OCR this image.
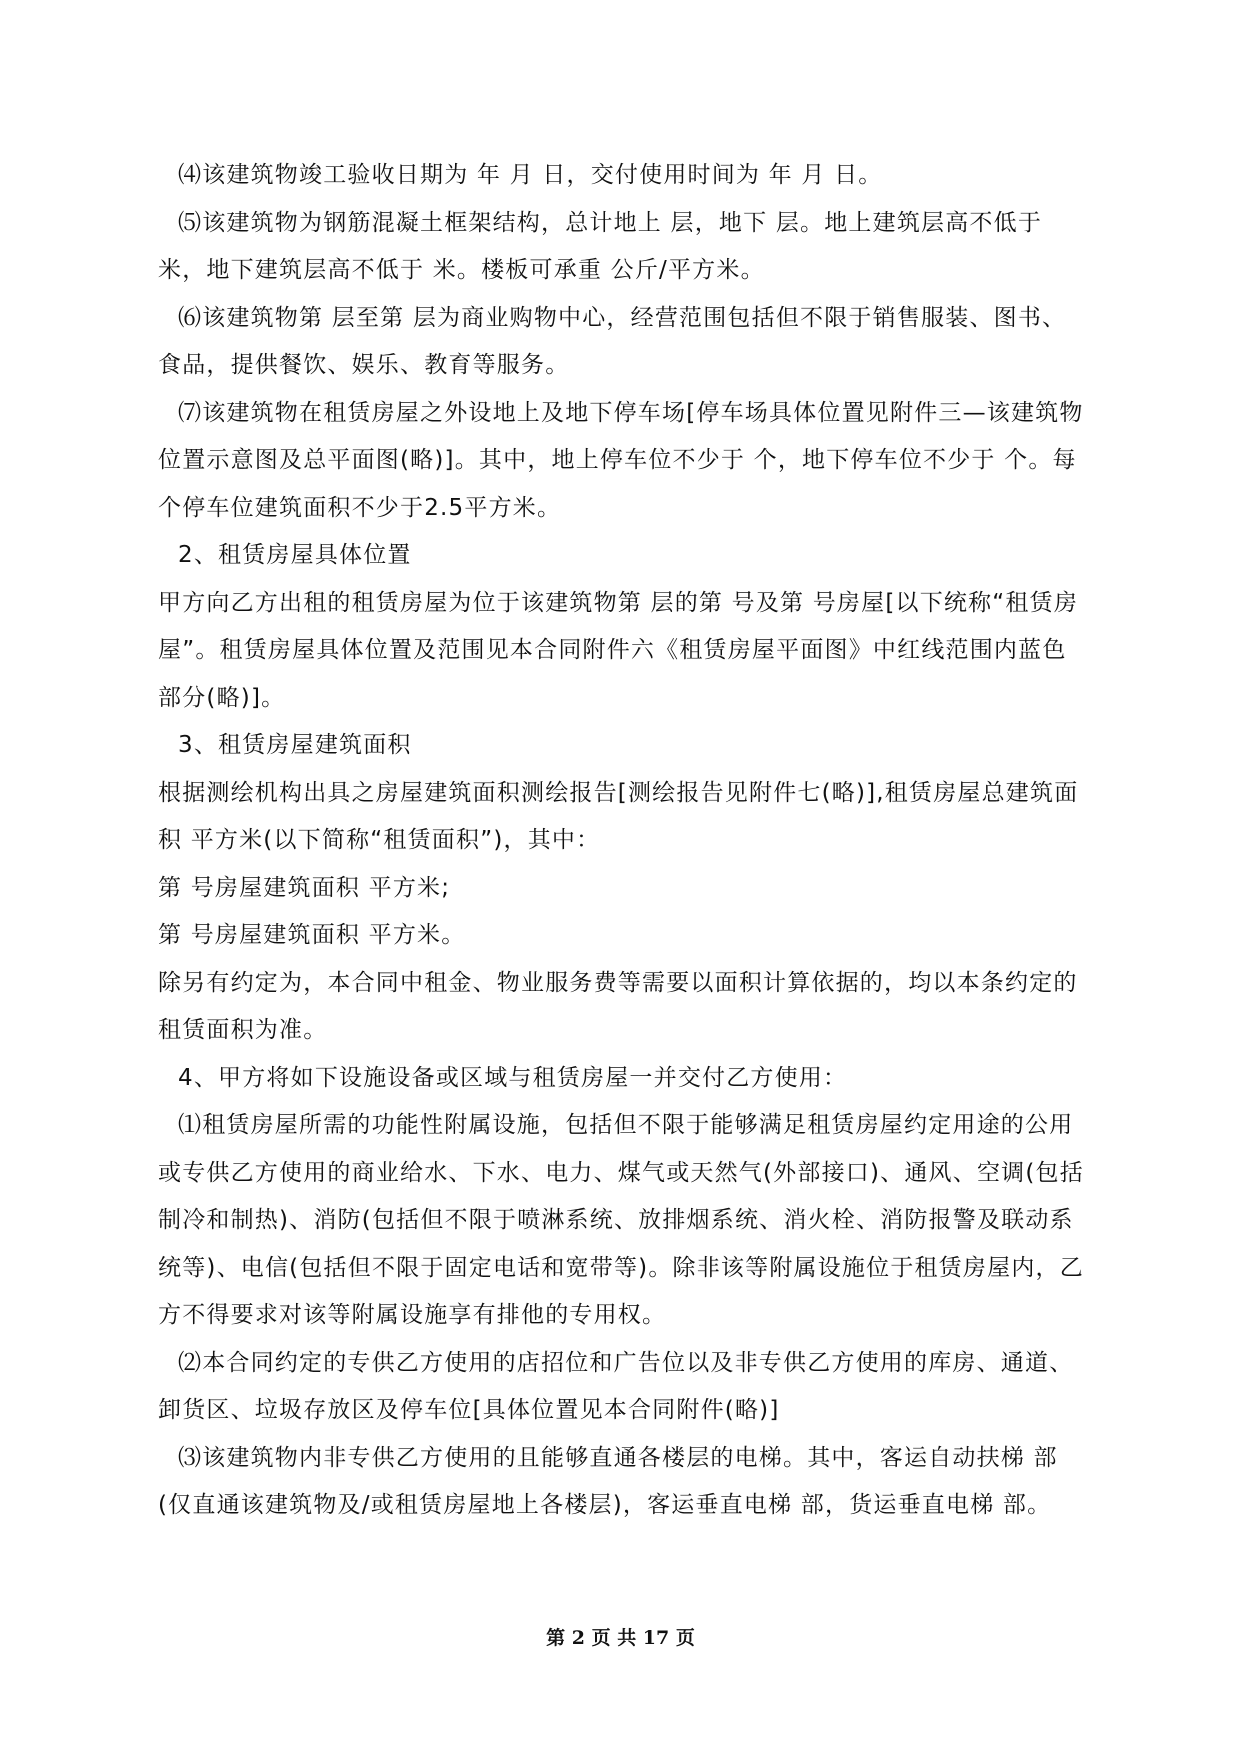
⑷该建筑物竣工验收日期为 年 月 日，交付使用时间为 年 月 日。

⑸该建筑物为钢筋混凝土框架结构，总计地上 层，地下 层。地上建筑层高不低于 米，地下建筑层高不低于 米。楼板可承重 公斤/平方米。

⑹该建筑物第 层至第 层为商业购物中心，经营范围包括但不限于销售服装、图书、食品，提供餐饮、娱乐、教育等服务。

⑺该建筑物在租赁房屋之外设地上及地下停车场[停车场具体位置见附件三—该建筑物位置示意图及总平面图(略)]。其中，地上停车位不少于 个，地下停车位不少于 个。每个停车位建筑面积不少于2.5平方米。

2、租赁房屋具体位置

甲方向乙方出租的租赁房屋为位于该建筑物第 层的第 号及第 号房屋[以下统称“租赁房屋”。租赁房屋具体位置及范围见本合同附件六《租赁房屋平面图》中红线范围内蓝色部分(略)]。

3、租赁房屋建筑面积

根据测绘机构出具之房屋建筑面积测绘报告[测绘报告见附件七(略)],租赁房屋总建筑面积 平方米(以下简称“租赁面积”)，其中：

第 号房屋建筑面积 平方米;

第 号房屋建筑面积 平方米。

除另有约定为，本合同中租金、物业服务费等需要以面积计算依据的，均以本条约定的租赁面积为准。

4、甲方将如下设施设备或区域与租赁房屋一并交付乙方使用：

⑴租赁房屋所需的功能性附属设施，包括但不限于能够满足租赁房屋约定用途的公用或专供乙方使用的商业给水、下水、电力、煤气或天然气(外部接口)、通风、空调(包括制冷和制热)、消防(包括但不限于喷淋系统、放排烟系统、消火栓、消防报警及联动系统等)、电信(包括但不限于固定电话和宽带等)。除非该等附属设施位于租赁房屋内，乙方不得要求对该等附属设施享有排他的专用权。

⑵本合同约定的专供乙方使用的店招位和广告位以及非专供乙方使用的库房、通道、卸货区、垃圾存放区及停车位[具体位置见本合同附件(略)]

⑶该建筑物内非专供乙方使用的且能够直通各楼层的电梯。其中，客运自动扶梯 部(仅直通该建筑物及/或租赁房屋地上各楼层)，客运垂直电梯 部，货运垂直电梯 部。

第 2 页 共 17 页
